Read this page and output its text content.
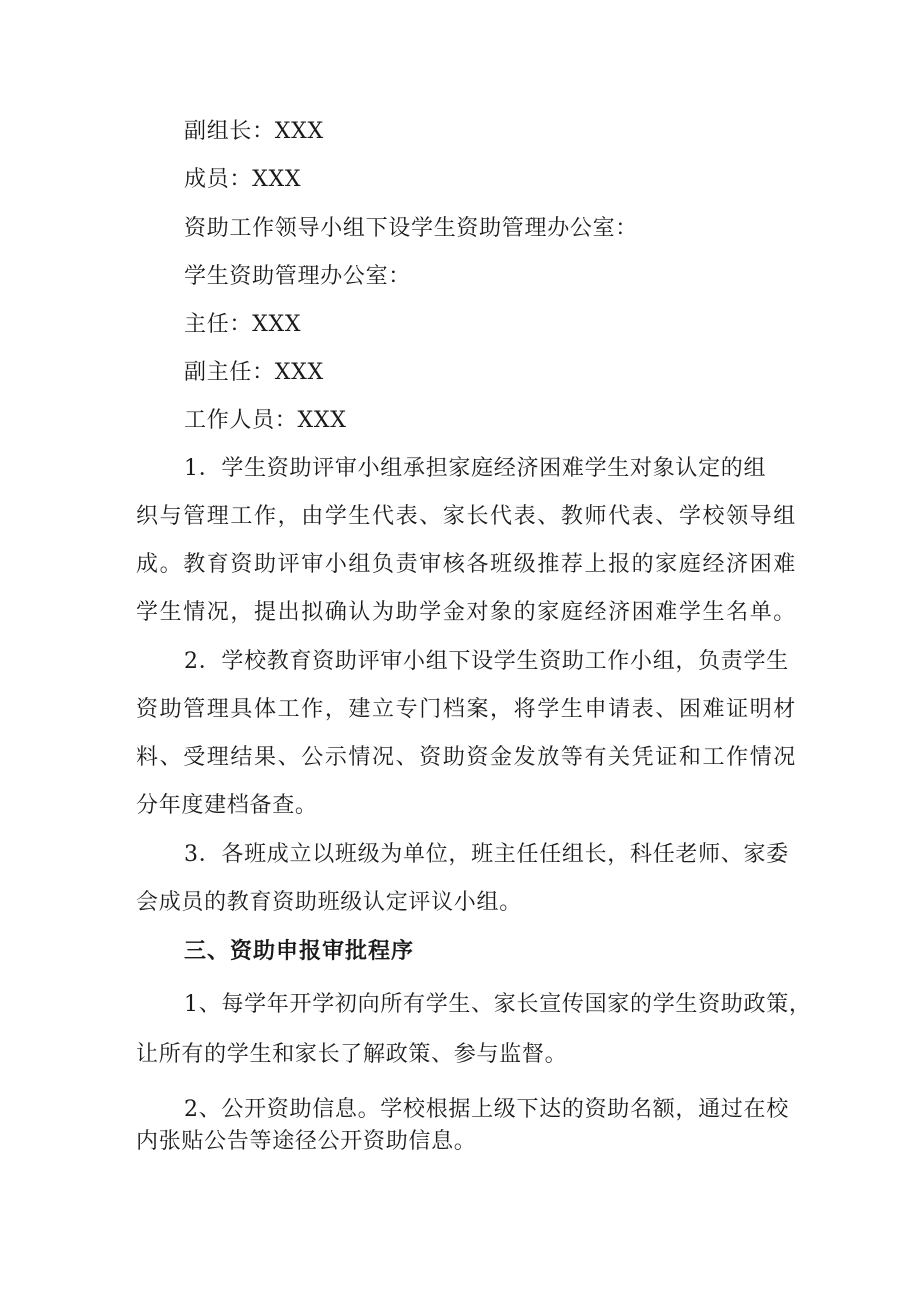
副组长：XXX
成员：XXX
资助工作领导小组下设学生资助管理办公室：
学生资助管理办公室：
主任：XXX
副主任：XXX
工作人员：XXX
1．学生资助评审小组承担家庭经济困难学生对象认定的组
织与管理工作，由学生代表、家长代表、教师代表、学校领导组
成。教育资助评审小组负责审核各班级推荐上报的家庭经济困难
学生情况，提出拟确认为助学金对象的家庭经济困难学生名单。
2．学校教育资助评审小组下设学生资助工作小组，负责学生
资助管理具体工作，建立专门档案，将学生申请表、困难证明材
料、受理结果、公示情况、资助资金发放等有关凭证和工作情况
分年度建档备查。
3．各班成立以班级为单位，班主任任组长，科任老师、家委
会成员的教育资助班级认定评议小组。
三、资助申报审批程序
1、每学年开学初向所有学生、家长宣传国家的学生资助政策，
让所有的学生和家长了解政策、参与监督。
2、公开资助信息。学校根据上级下达的资助名额，通过在校
内张贴公告等途径公开资助信息。
